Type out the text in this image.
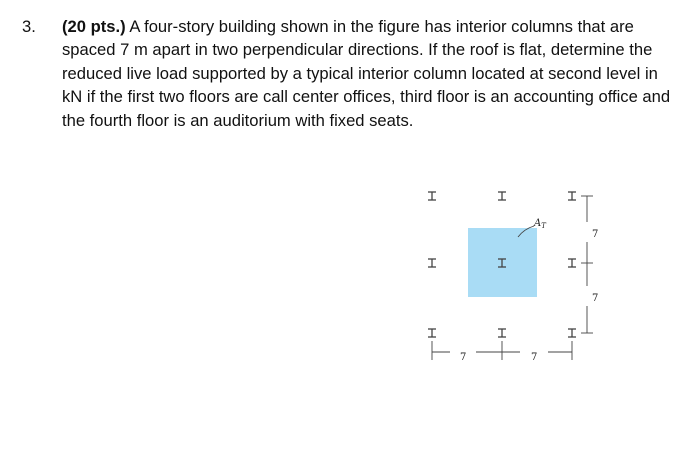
3. (20 pts.) A four-story building shown in the figure has interior columns that are spaced 7 m apart in two perpendicular directions. If the roof is flat, determine the reduced live load supported by a typical interior column located at second level in kN if the first two floors are call center offices, third floor is an accounting office and the fourth floor is an auditorium with fixed seats.
$A_T$
7
7
7	7
